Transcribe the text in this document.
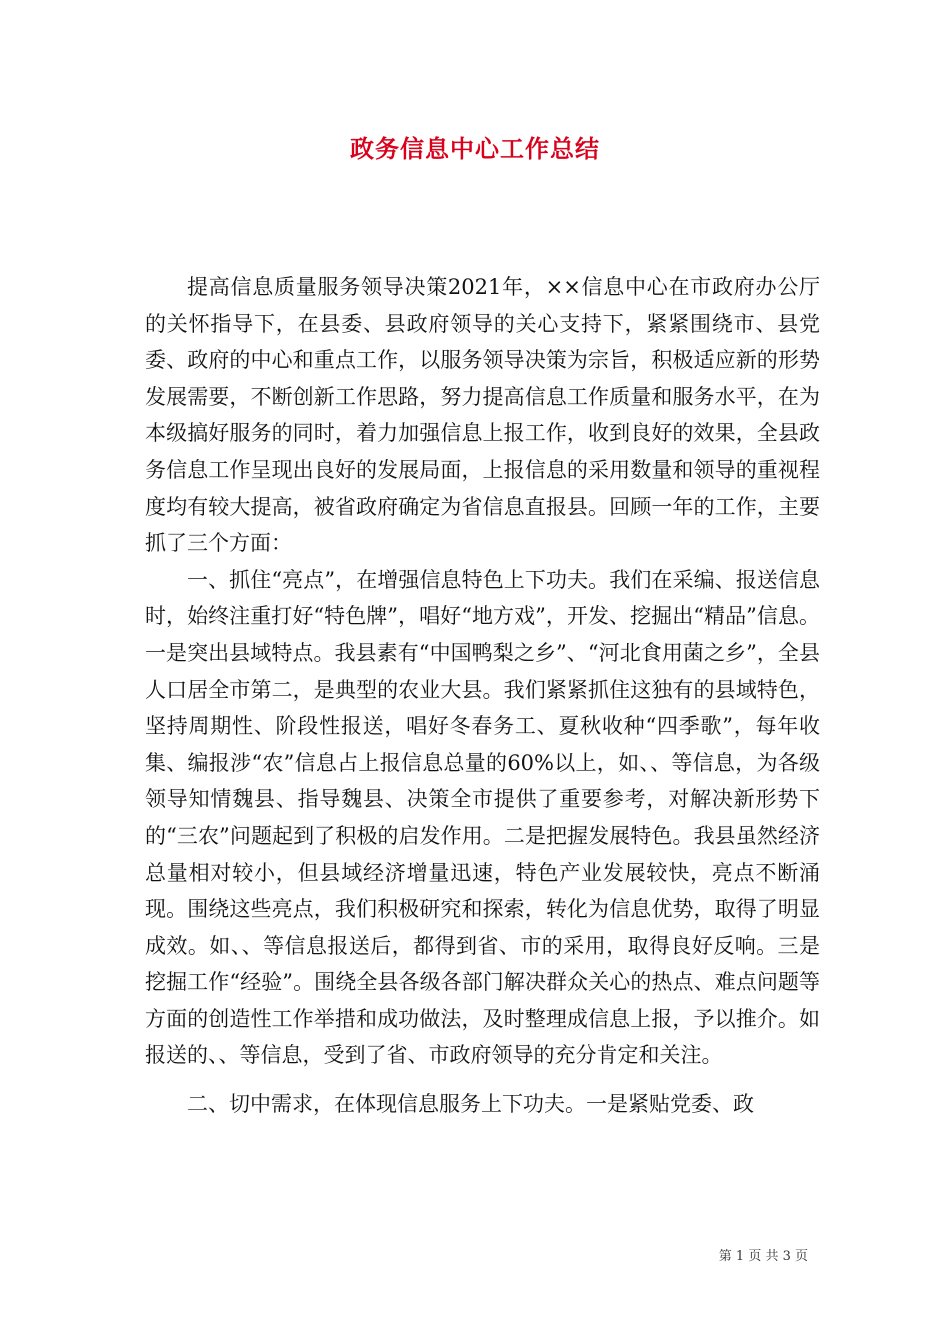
政务信息中心工作总结

提高信息质量服务领导决策2021年，××信息中心在市政府办公厅的关怀指导下，在县委、县政府领导的关心支持下，紧紧围绕市、县党委、政府的中心和重点工作，以服务领导决策为宗旨，积极适应新的形势发展需要，不断创新工作思路，努力提高信息工作质量和服务水平，在为本级搞好服务的同时，着力加强信息上报工作，收到良好的效果，全县政务信息工作呈现出良好的发展局面，上报信息的采用数量和领导的重视程度均有较大提高，被省政府确定为省信息直报县。回顾一年的工作，主要抓了三个方面：

一、抓住“亮点”，在增强信息特色上下功夫。我们在采编、报送信息时，始终注重打好“特色牌”，唱好“地方戏”，开发、挖掘出“精品”信息。一是突出县域特点。我县素有“中国鸭梨之乡”、“河北食用菌之乡”，全县人口居全市第二，是典型的农业大县。我们紧紧抓住这独有的县域特色，坚持周期性、阶段性报送，唱好冬春务工、夏秋收种“四季歌”，每年收集、编报涉“农”信息占上报信息总量的60%以上，如、、等信息，为各级领导知情魏县、指导魏县、决策全市提供了重要参考，对解决新形势下的“三农”问题起到了积极的启发作用。二是把握发展特色。我县虽然经济总量相对较小，但县域经济增量迅速，特色产业发展较快，亮点不断涌现。围绕这些亮点，我们积极研究和探索，转化为信息优势，取得了明显成效。如、、等信息报送后，都得到省、市的采用，取得良好反响。三是挖掘工作“经验”。围绕全县各级各部门解决群众关心的热点、难点问题等方面的创造性工作举措和成功做法，及时整理成信息上报，予以推介。如报送的、、等信息，受到了省、市政府领导的充分肯定和关注。

二、切中需求，在体现信息服务上下功夫。一是紧贴党委、政

第 1 页 共 3 页
